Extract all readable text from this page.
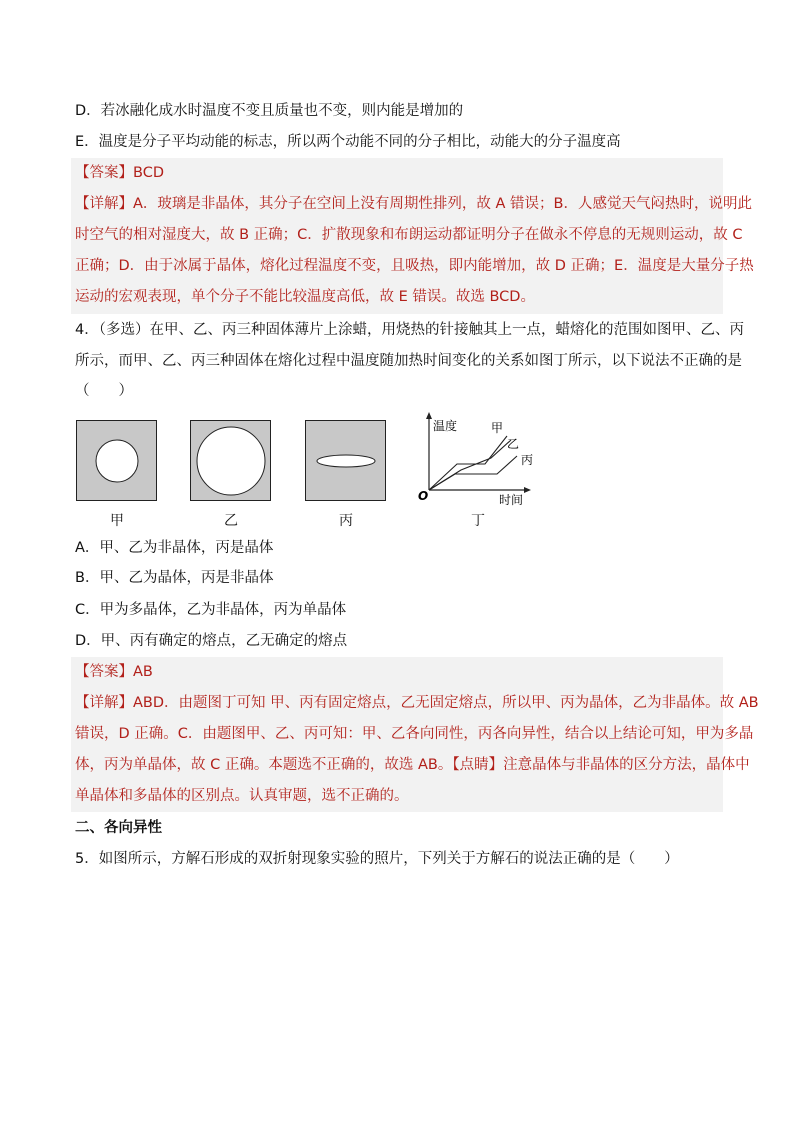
D．若冰融化成水时温度不变且质量也不变，则内能是增加的
E．温度是分子平均动能的标志，所以两个动能不同的分子相比，动能大的分子温度高
【答案】BCD
【详解】A．玻璃是非晶体，其分子在空间上没有周期性排列，故 A 错误；B．人感觉天气闷热时，说明此
时空气的相对湿度大，故 B 正确；C．扩散现象和布朗运动都证明分子在做永不停息的无规则运动，故 C
正确；D．由于冰属于晶体，熔化过程温度不变，且吸热，即内能增加，故 D 正确；E．温度是大量分子热
运动的宏观表现，单个分子不能比较温度高低，故 E 错误。故选 BCD。
4．（多选）在甲、乙、丙三种固体薄片上涂蜡，用烧热的针接触其上一点，蜡熔化的范围如图甲、乙、丙
所示，而甲、乙、丙三种固体在熔化过程中温度随加热时间变化的关系如图丁所示，以下说法不正确的是
（　　）
温度
时间
O
甲
乙
丙
甲	乙	丙	丁
A．甲、乙为非晶体，丙是晶体
B．甲、乙为晶体，丙是非晶体
C．甲为多晶体，乙为非晶体，丙为单晶体
D．甲、丙有确定的熔点，乙无确定的熔点
【答案】AB
【详解】ABD．由题图丁可知 甲、丙有固定熔点，乙无固定熔点，所以甲、丙为晶体，乙为非晶体。故 AB
错误，D 正确。C．由题图甲、乙、丙可知：甲、乙各向同性，丙各向异性，结合以上结论可知，甲为多晶
体，丙为单晶体，故 C 正确。本题选不正确的，故选 AB。【点睛】注意晶体与非晶体的区分方法，晶体中
单晶体和多晶体的区别点。认真审题，选不正确的。
二、各向异性
5．如图所示，方解石形成的双折射现象实验的照片，下列关于方解石的说法正确的是（　　）
